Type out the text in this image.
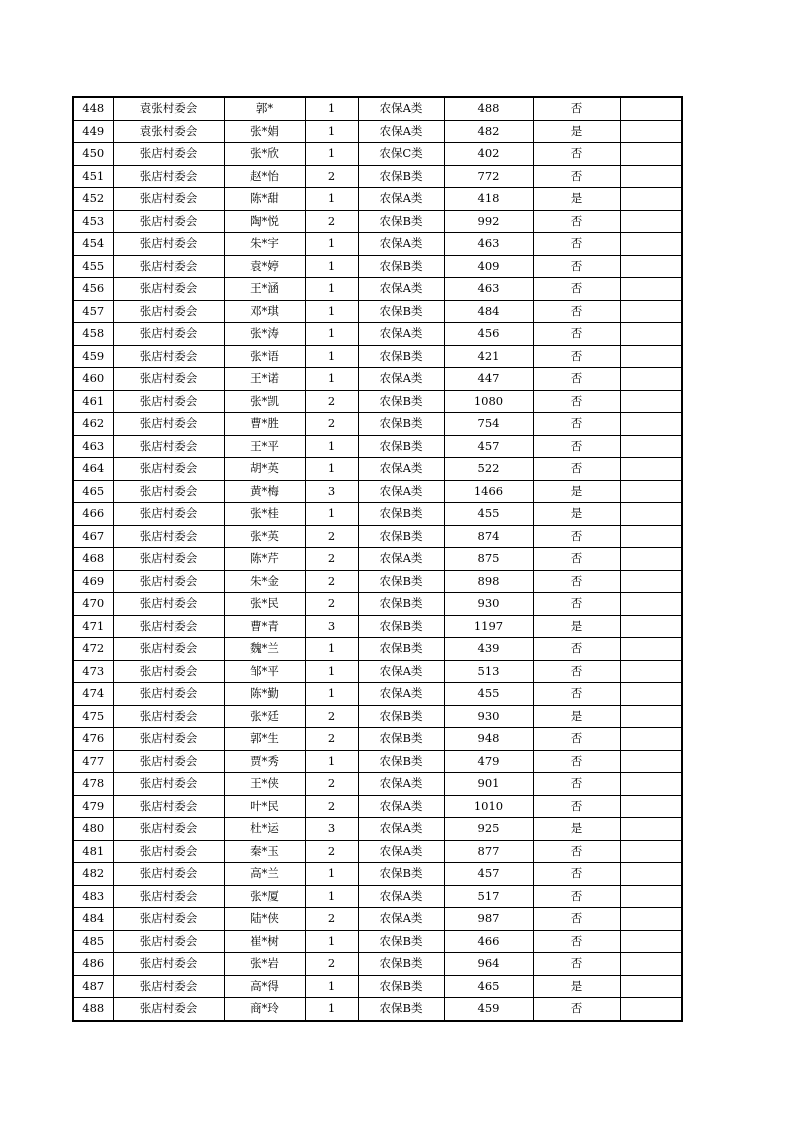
448	袁张村委会	郭*	1	农保A类	488	否	
449	袁张村委会	张*娟	1	农保A类	482	是	
450	张店村委会	张*欣	1	农保C类	402	否	
451	张店村委会	赵*怡	2	农保B类	772	否	
452	张店村委会	陈*甜	1	农保A类	418	是	
453	张店村委会	陶*悦	2	农保B类	992	否	
454	张店村委会	朱*宇	1	农保A类	463	否	
455	张店村委会	袁*婷	1	农保B类	409	否	
456	张店村委会	王*涵	1	农保A类	463	否	
457	张店村委会	邓*琪	1	农保B类	484	否	
458	张店村委会	张*涛	1	农保A类	456	否	
459	张店村委会	张*语	1	农保B类	421	否	
460	张店村委会	王*诺	1	农保A类	447	否	
461	张店村委会	张*凯	2	农保B类	1080	否	
462	张店村委会	曹*胜	2	农保B类	754	否	
463	张店村委会	王*平	1	农保B类	457	否	
464	张店村委会	胡*英	1	农保A类	522	否	
465	张店村委会	黄*梅	3	农保A类	1466	是	
466	张店村委会	张*桂	1	农保B类	455	是	
467	张店村委会	张*英	2	农保B类	874	否	
468	张店村委会	陈*芹	2	农保A类	875	否	
469	张店村委会	朱*金	2	农保B类	898	否	
470	张店村委会	张*民	2	农保B类	930	否	
471	张店村委会	曹*青	3	农保B类	1197	是	
472	张店村委会	魏*兰	1	农保B类	439	否	
473	张店村委会	邹*平	1	农保A类	513	否	
474	张店村委会	陈*勤	1	农保A类	455	否	
475	张店村委会	张*廷	2	农保B类	930	是	
476	张店村委会	郭*生	2	农保B类	948	否	
477	张店村委会	贾*秀	1	农保B类	479	否	
478	张店村委会	王*侠	2	农保A类	901	否	
479	张店村委会	叶*民	2	农保A类	1010	否	
480	张店村委会	杜*运	3	农保A类	925	是	
481	张店村委会	秦*玉	2	农保A类	877	否	
482	张店村委会	高*兰	1	农保B类	457	否	
483	张店村委会	张*厦	1	农保A类	517	否	
484	张店村委会	陆*侠	2	农保A类	987	否	
485	张店村委会	崔*树	1	农保B类	466	否	
486	张店村委会	张*岩	2	农保B类	964	否	
487	张店村委会	高*得	1	农保B类	465	是	
488	张店村委会	商*玲	1	农保B类	459	否	
